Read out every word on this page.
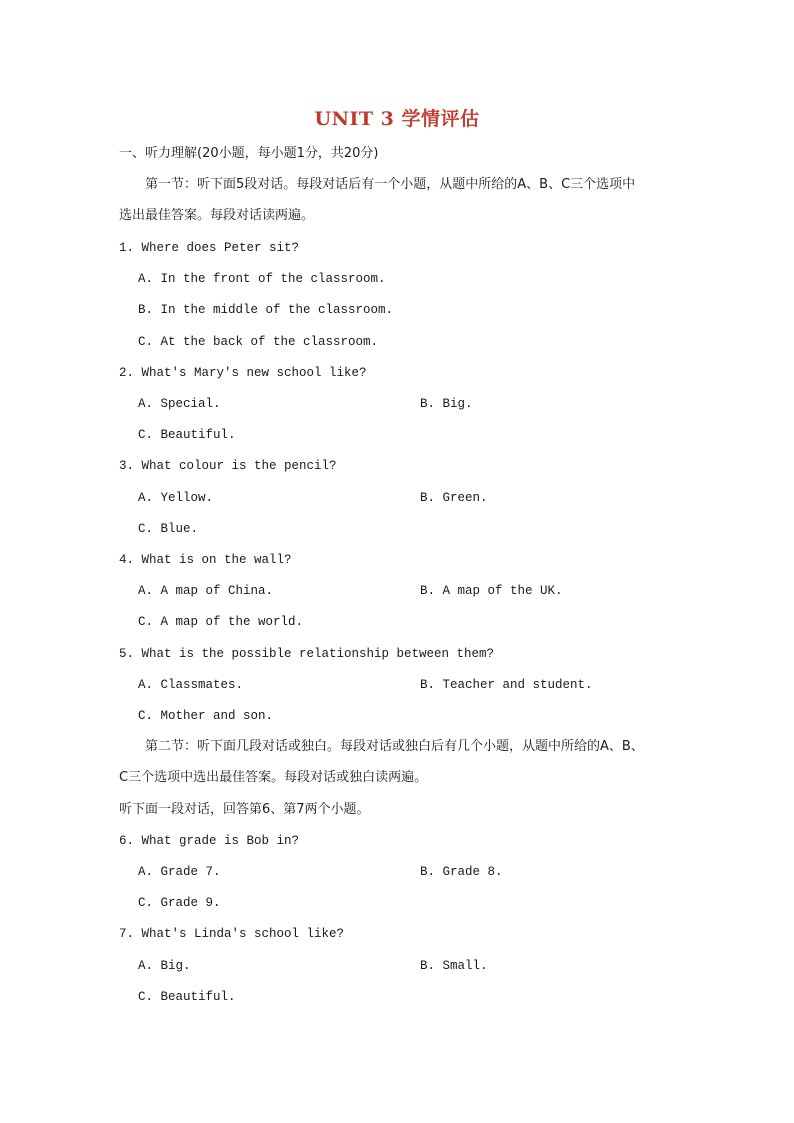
UNIT 3 学情评估
一、听力理解(20小题，每小题1分，共20分)
第一节：听下面5段对话。每段对话后有一个小题，从题中所给的A、B、C三个选项中
选出最佳答案。每段对话读两遍。
1. Where does Peter sit?
A. In the front of the classroom.
B. In the middle of the classroom.
C. At the back of the classroom.
2. What's Mary's new school like?
A. Special.	B. Big.
C. Beautiful.
3. What colour is the pencil?
A. Yellow.	B. Green.
C. Blue.
4. What is on the wall?
A. A map of China.	B. A map of the UK.
C. A map of the world.
5. What is the possible relationship between them?
A. Classmates.	B. Teacher and student.
C. Mother and son.
第二节：听下面几段对话或独白。每段对话或独白后有几个小题，从题中所给的A、B、
C三个选项中选出最佳答案。每段对话或独白读两遍。
听下面一段对话，回答第6、第7两个小题。
6. What grade is Bob in?
A. Grade 7.	B. Grade 8.
C. Grade 9.
7. What's Linda's school like?
A. Big.	B. Small.
C. Beautiful.
